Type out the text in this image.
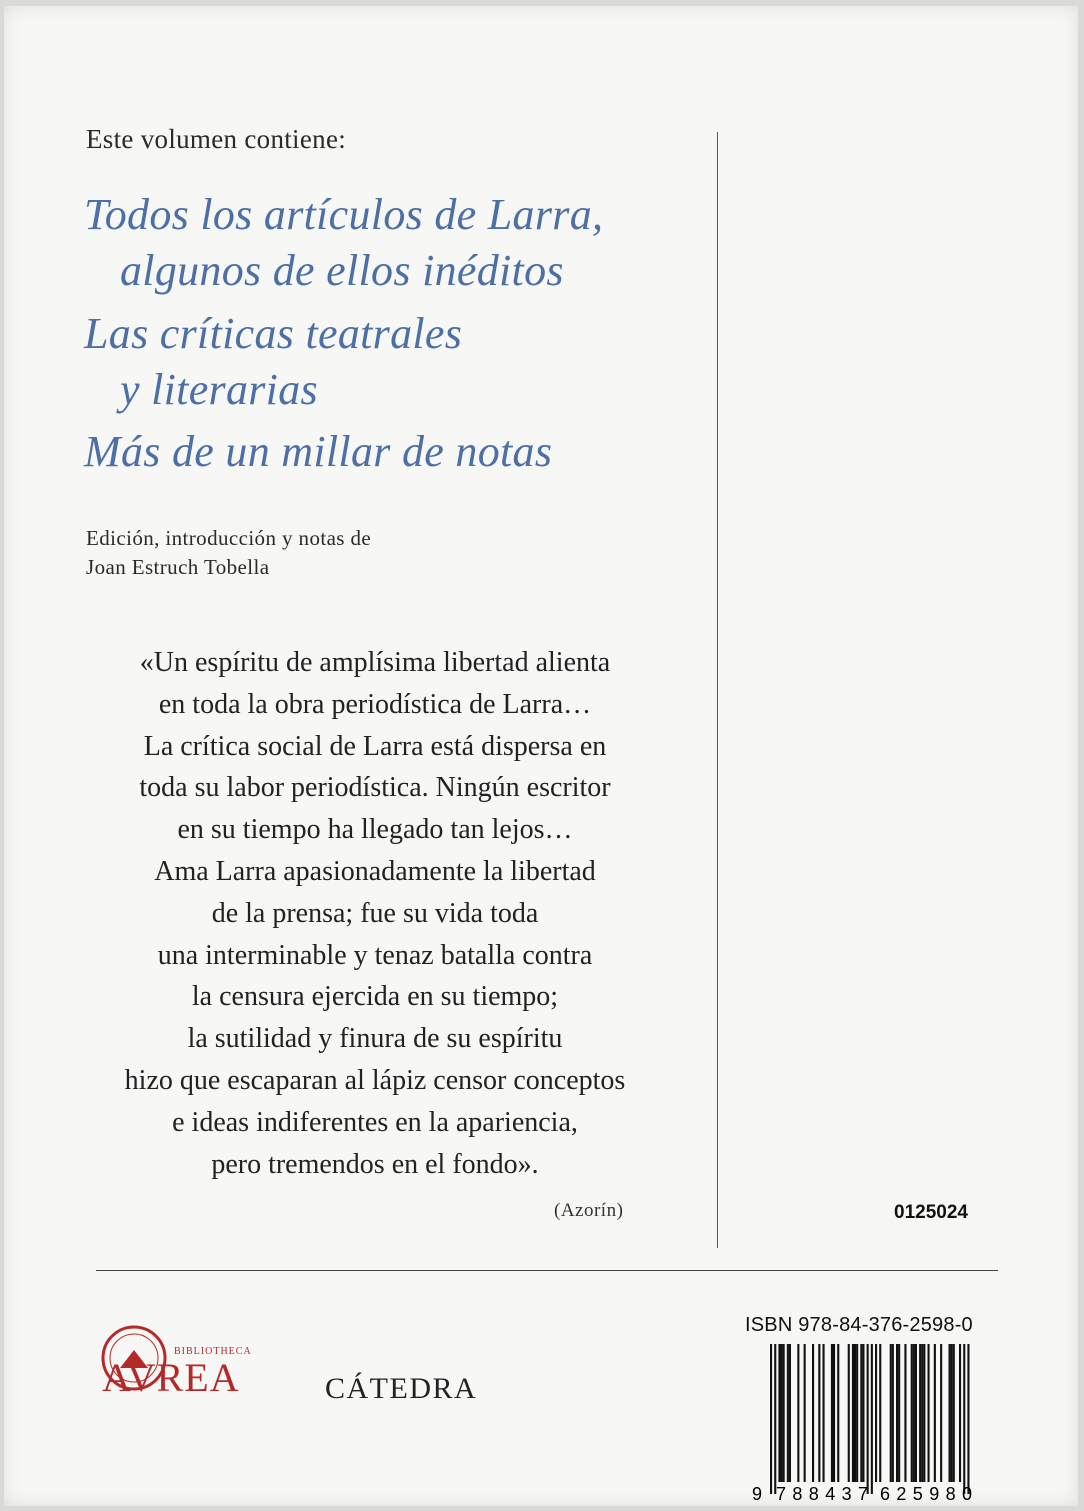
Este volumen contiene:
Todos los artículos de Larra,
algunos de ellos inéditos
Las críticas teatrales
y literarias
Más de un millar de notas
Edición, introducción y notas de
Joan Estruch Tobella
«Un espíritu de amplísima libertad alienta
en toda la obra periodística de Larra…
La crítica social de Larra está dispersa en
toda su labor periodística. Ningún escritor
en su tiempo ha llegado tan lejos…
Ama Larra apasionadamente la libertad
de la prensa; fue su vida toda
una interminable y tenaz batalla contra
la censura ejercida en su tiempo;
la sutilidad y finura de su espíritu
hizo que escaparan al lápiz censor conceptos
e ideas indiferentes en la apariencia,
pero tremendos en el fondo».
(Azorín)	0125024
ISBN 978-84-376-2598-0
9 788437 625980
BIBLIOTHECA
AVREA	CÁTEDRA
